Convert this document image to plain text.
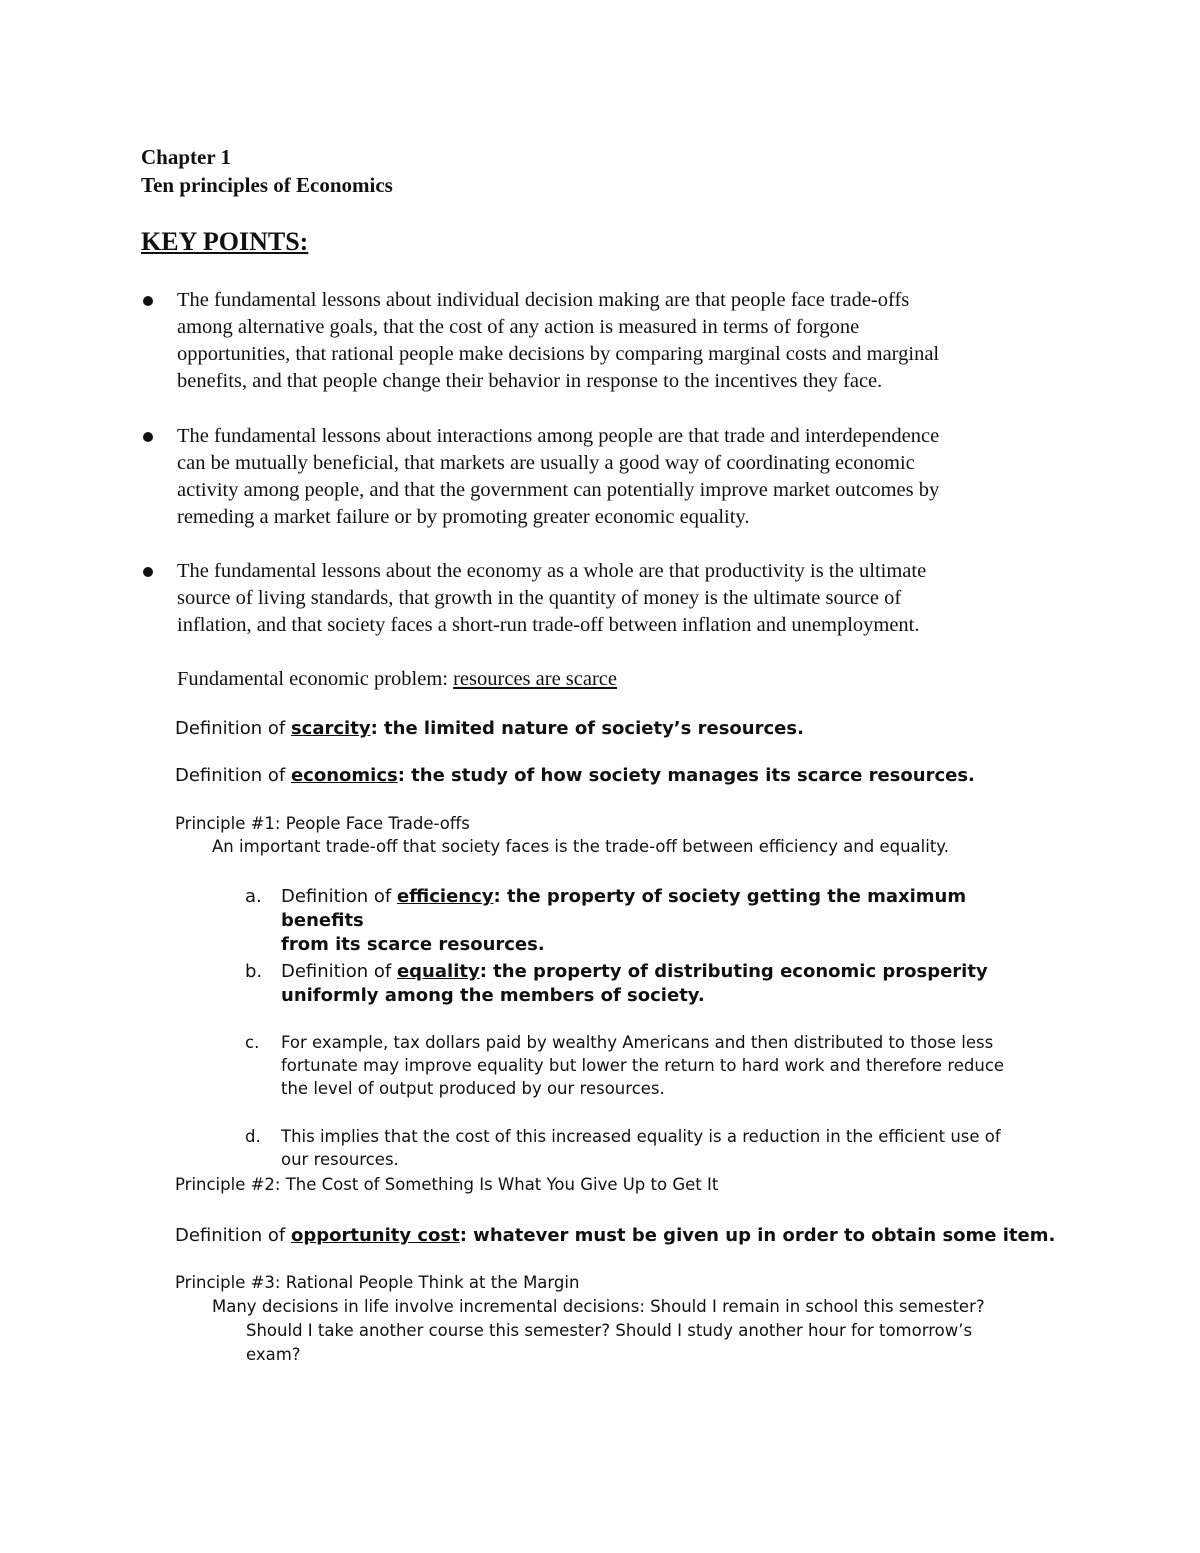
Chapter 1
Ten principles of Economics
KEY POINTS:
The fundamental lessons about individual decision making are that people face trade-offs
among alternative goals, that the cost of any action is measured in terms of forgone
opportunities, that rational people make decisions by comparing marginal costs and marginal
benefits, and that people change their behavior in response to the incentives they face.
The fundamental lessons about interactions among people are that trade and interdependence
can be mutually beneficial, that markets are usually a good way of coordinating economic
activity among people, and that the government can potentially improve market outcomes by
remeding a market failure or by promoting greater economic equality.
The fundamental lessons about the economy as a whole are that productivity is the ultimate
source of living standards, that growth in the quantity of money is the ultimate source of
inflation, and that society faces a short-run trade-off between inflation and unemployment.
Fundamental economic problem: resources are scarce
Definition of scarcity: the limited nature of society’s resources.
Definition of economics: the study of how society manages its scarce resources.
Principle #1: People Face Trade-offs
An important trade-off that society faces is the trade-off between efficiency and equality.
a. Definition of efficiency: the property of society getting the maximum benefits
from its scarce resources.
b. Definition of equality: the property of distributing economic prosperity
uniformly among the members of society.
c. For example, tax dollars paid by wealthy Americans and then distributed to those less
fortunate may improve equality but lower the return to hard work and therefore reduce
the level of output produced by our resources.
d. This implies that the cost of this increased equality is a reduction in the efficient use of
our resources.
Principle #2: The Cost of Something Is What You Give Up to Get It
Definition of opportunity cost: whatever must be given up in order to obtain some item.
Principle #3: Rational People Think at the Margin
Many decisions in life involve incremental decisions: Should I remain in school this semester?
Should I take another course this semester? Should I study another hour for tomorrow’s
exam?
